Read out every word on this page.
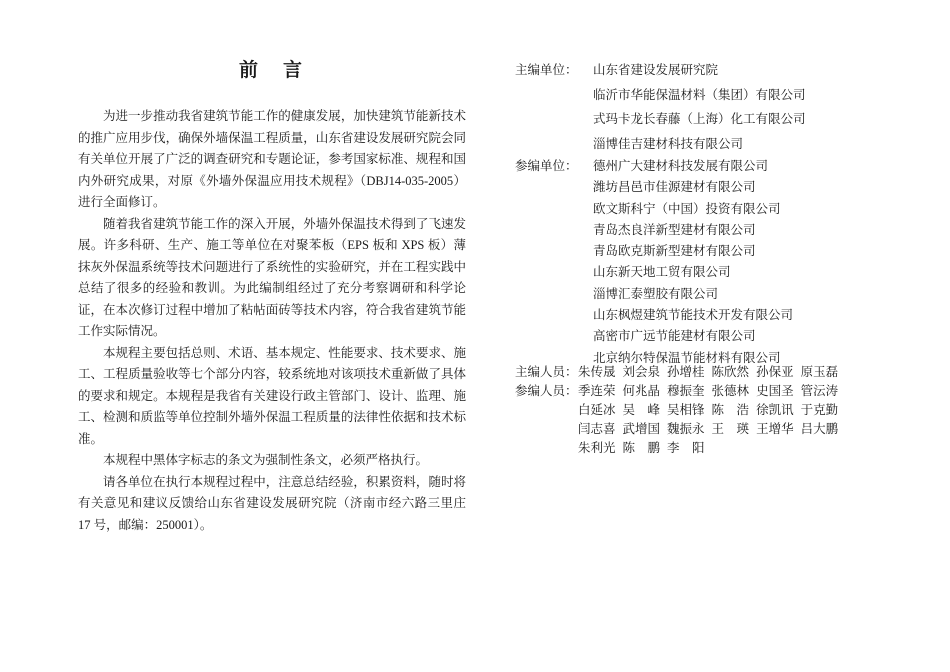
前　言
为进一步推动我省建筑节能工作的健康发展，加快建筑节能新技术的推广应用步伐，确保外墙保温工程质量，山东省建设发展研究院会同有关单位开展了广泛的调查研究和专题论证，参考国家标准、规程和国内外研究成果，对原《外墙外保温应用技术规程》（DBJ14-035-2005）进行全面修订。
随着我省建筑节能工作的深入开展，外墙外保温技术得到了飞速发展。许多科研、生产、施工等单位在对聚苯板（EPS 板和 XPS 板）薄抹灰外保温系统等技术问题进行了系统性的实验研究，并在工程实践中总结了很多的经验和教训。为此编制组经过了充分考察调研和科学论证，在本次修订过程中增加了粘帖面砖等技术内容，符合我省建筑节能工作实际情况。
本规程主要包括总则、术语、基本规定、性能要求、技术要求、施工、工程质量验收等七个部分内容，较系统地对该项技术重新做了具体的要求和规定。本规程是我省有关建设行政主管部门、设计、监理、施工、检测和质监等单位控制外墙外保温工程质量的法律性依据和技术标准。
本规程中黑体字标志的条文为强制性条文，必须严格执行。
请各单位在执行本规程过程中，注意总结经验，积累资料，随时将有关意见和建议反馈给山东省建设发展研究院（济南市经六路三里庄 17 号，邮编：250001）。
主编单位：	山东省建设发展研究院
临沂市华能保温材料（集团）有限公司
式玛卡龙长春藤（上海）化工有限公司
淄博佳吉建材科技有限公司
参编单位：	德州广大建材科技发展有限公司
潍坊昌邑市佳源建材有限公司
欧文斯科宁（中国）投资有限公司
青岛杰良洋新型建材有限公司
青岛欧克斯新型建材有限公司
山东新天地工贸有限公司
淄博汇泰塑胶有限公司
山东枫煜建筑节能技术开发有限公司
高密市广远节能建材有限公司
北京纳尔特保温节能材料有限公司
主编人员： 朱传晟 刘会泉 孙增桂 陈欣然 孙保亚 原玉磊
参编人员： 季连荣 何兆晶 穆振奎 张德林 史国圣 管沄涛
白延冰 吴　峰 吴相锋 陈　浩 徐凯讯 于克勤
闫志喜 武增国 魏振永 王　瑛 王增华 吕大鹏
朱利光 陈　鹏 李　阳
